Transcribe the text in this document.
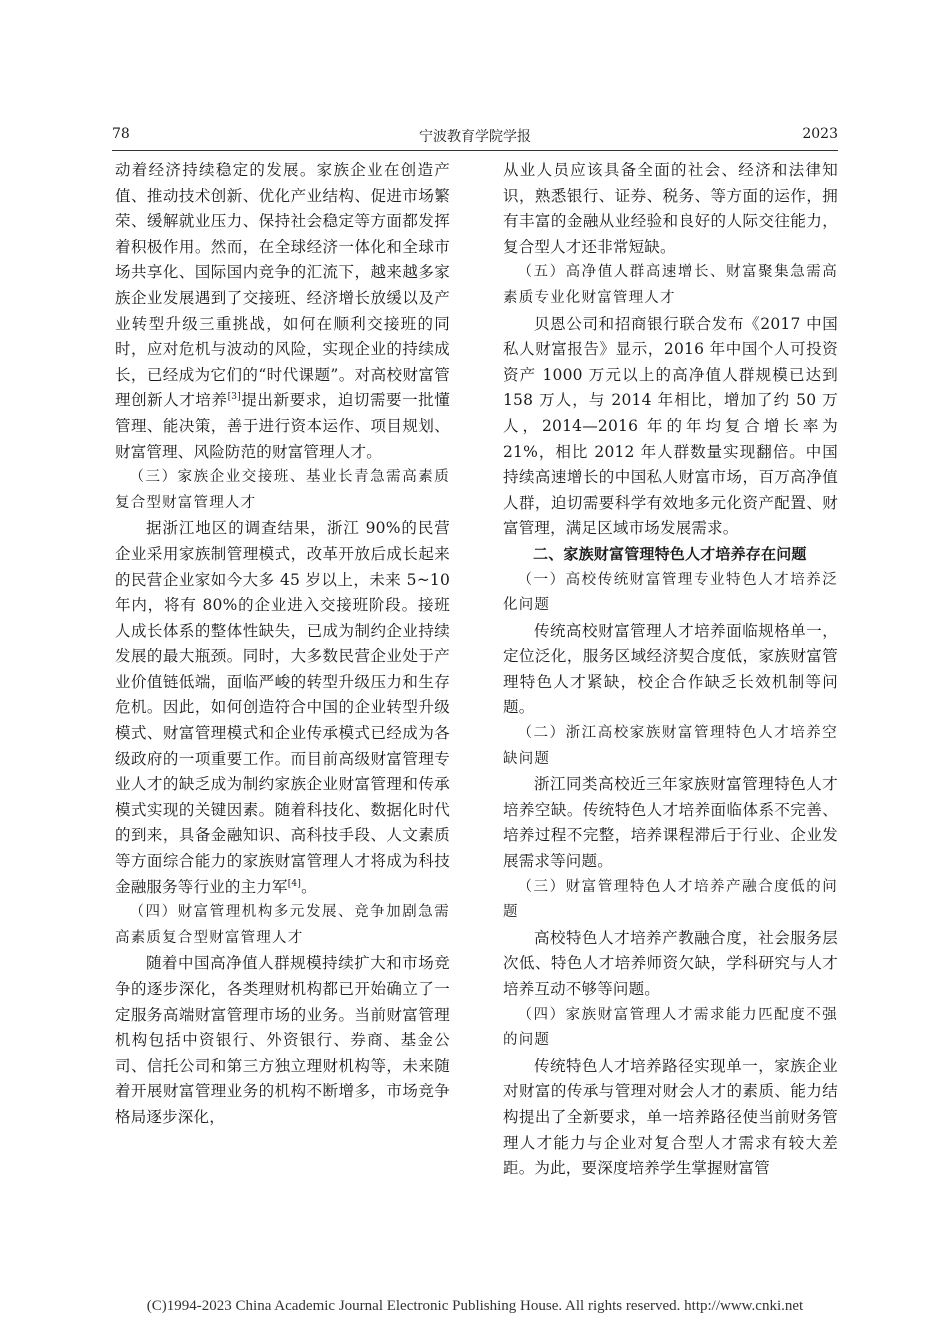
78	宁波教育学院学报	2023

动着经济持续稳定的发展。家族企业在创造产值、推动技术创新、优化产业结构、促进市场繁荣、缓解就业压力、保持社会稳定等方面都发挥着积极作用。然而，在全球经济一体化和全球市场共享化、国际国内竞争的汇流下，越来越多家族企业发展遇到了交接班、经济增长放缓以及产业转型升级三重挑战，如何在顺利交接班的同时，应对危机与波动的风险，实现企业的持续成长，已经成为它们的“时代课题”。对高校财富管理创新人才培养[3]提出新要求，迫切需要一批懂管理、能决策，善于进行资本运作、项目规划、财富管理、风险防范的财富管理人才。

（三）家族企业交接班、基业长青急需高素质复合型财富管理人才

据浙江地区的调查结果，浙江 90%的民营企业采用家族制管理模式，改革开放后成长起来的民营企业家如今大多 45 岁以上，未来 5~10 年内，将有 80%的企业进入交接班阶段。接班人成长体系的整体性缺失，已成为制约企业持续发展的最大瓶颈。同时，大多数民营企业处于产业价值链低端，面临严峻的转型升级压力和生存危机。因此，如何创造符合中国的企业转型升级模式、财富管理模式和企业传承模式已经成为各级政府的一项重要工作。而目前高级财富管理专业人才的缺乏成为制约家族企业财富管理和传承模式实现的关键因素。随着科技化、数据化时代的到来，具备金融知识、高科技手段、人文素质等方面综合能力的家族财富管理人才将成为科技金融服务等行业的主力军[4]。

（四）财富管理机构多元发展、竞争加剧急需高素质复合型财富管理人才

随着中国高净值人群规模持续扩大和市场竞争的逐步深化，各类理财机构都已开始确立了一定服务高端财富管理市场的业务。当前财富管理机构包括中资银行、外资银行、券商、基金公司、信托公司和第三方独立理财机构等，未来随着开展财富管理业务的机构不断增多，市场竞争格局逐步深化，

从业人员应该具备全面的社会、经济和法律知识，熟悉银行、证券、税务、等方面的运作，拥有丰富的金融从业经验和良好的人际交往能力，复合型人才还非常短缺。

（五）高净值人群高速增长、财富聚集急需高素质专业化财富管理人才

贝恩公司和招商银行联合发布《2017 中国私人财富报告》显示，2016 年中国个人可投资资产 1000 万元以上的高净值人群规模已达到 158 万人，与 2014 年相比，增加了约 50 万人，2014—2016 年的年均复合增长率为 21%，相比 2012 年人群数量实现翻倍。中国持续高速增长的中国私人财富市场，百万高净值人群，迫切需要科学有效地多元化资产配置、财富管理，满足区域市场发展需求。

二、家族财富管理特色人才培养存在问题

（一）高校传统财富管理专业特色人才培养泛化问题

传统高校财富管理人才培养面临规格单一，定位泛化，服务区域经济契合度低，家族财富管理特色人才紧缺，校企合作缺乏长效机制等问题。

（二）浙江高校家族财富管理特色人才培养空缺问题

浙江同类高校近三年家族财富管理特色人才培养空缺。传统特色人才培养面临体系不完善、培养过程不完整，培养课程滞后于行业、企业发展需求等问题。

（三）财富管理特色人才培养产融合度低的问题

高校特色人才培养产教融合度，社会服务层次低、特色人才培养师资欠缺，学科研究与人才培养互动不够等问题。

（四）家族财富管理人才需求能力匹配度不强的问题

传统特色人才培养路径实现单一，家族企业对财富的传承与管理对财会人才的素质、能力结构提出了全新要求，单一培养路径使当前财务管理人才能力与企业对复合型人才需求有较大差距。为此，要深度培养学生掌握财富管

(C)1994-2023 China Academic Journal Electronic Publishing House. All rights reserved. http://www.cnki.net
